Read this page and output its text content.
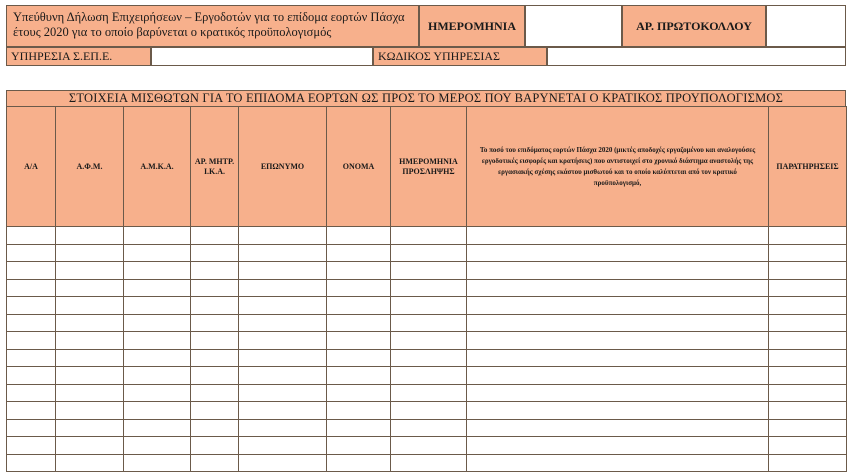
Υπεύθυνη Δήλωση Επιχειρήσεων – Εργοδοτών για το επίδομα εορτών Πάσχα έτους 2020 για το οποίο βαρύνεται ο κρατικός προϋπολογισμός	ΗΜΕΡΟΜΗΝΙΑ	ΑΡ. ΠΡΩΤΟΚΟΛΛΟΥ
ΥΠΗΡΕΣΙΑ Σ.ΕΠ.Ε.	ΚΩΔΙΚΟΣ ΥΠΗΡΕΣΙΑΣ
ΣΤΟΙΧΕΙΑ ΜΙΣΘΩΤΩΝ ΓΙΑ ΤΟ ΕΠΙΔΟΜΑ ΕΟΡΤΩΝ ΩΣ ΠΡΟΣ ΤΟ ΜΕΡΟΣ ΠΟΥ ΒΑΡΥΝΕΤΑΙ Ο ΚΡΑΤΙΚΟΣ ΠΡΟΥΠΟΛΟΓΙΣΜΟΣ
Α/Α	Α.Φ.Μ.	Α.Μ.Κ.Α.	ΑΡ. ΜΗΤΡ. Ι.Κ.Α.	ΕΠΩΝΥΜΟ	ΟΝΟΜΑ	ΗΜΕΡΟΜΗΝΙΑ ΠΡΟΣΛΗΨΗΣ	Το ποσό του επιδόματος εορτών Πάσχα 2020 (μικτές αποδοχές εργαζομένου και αναλογούσες εργοδοτικές εισφορές και κρατήσεις) που αντιστοιχεί στο χρονικό διάστημα αναστολής της εργασιακής σχέσης εκάστου μισθωτού και το οποίο καλύπτεται από τον κρατικό προϋπολογισμό,	ΠΑΡΑΤΗΡΗΣΕΙΣ
